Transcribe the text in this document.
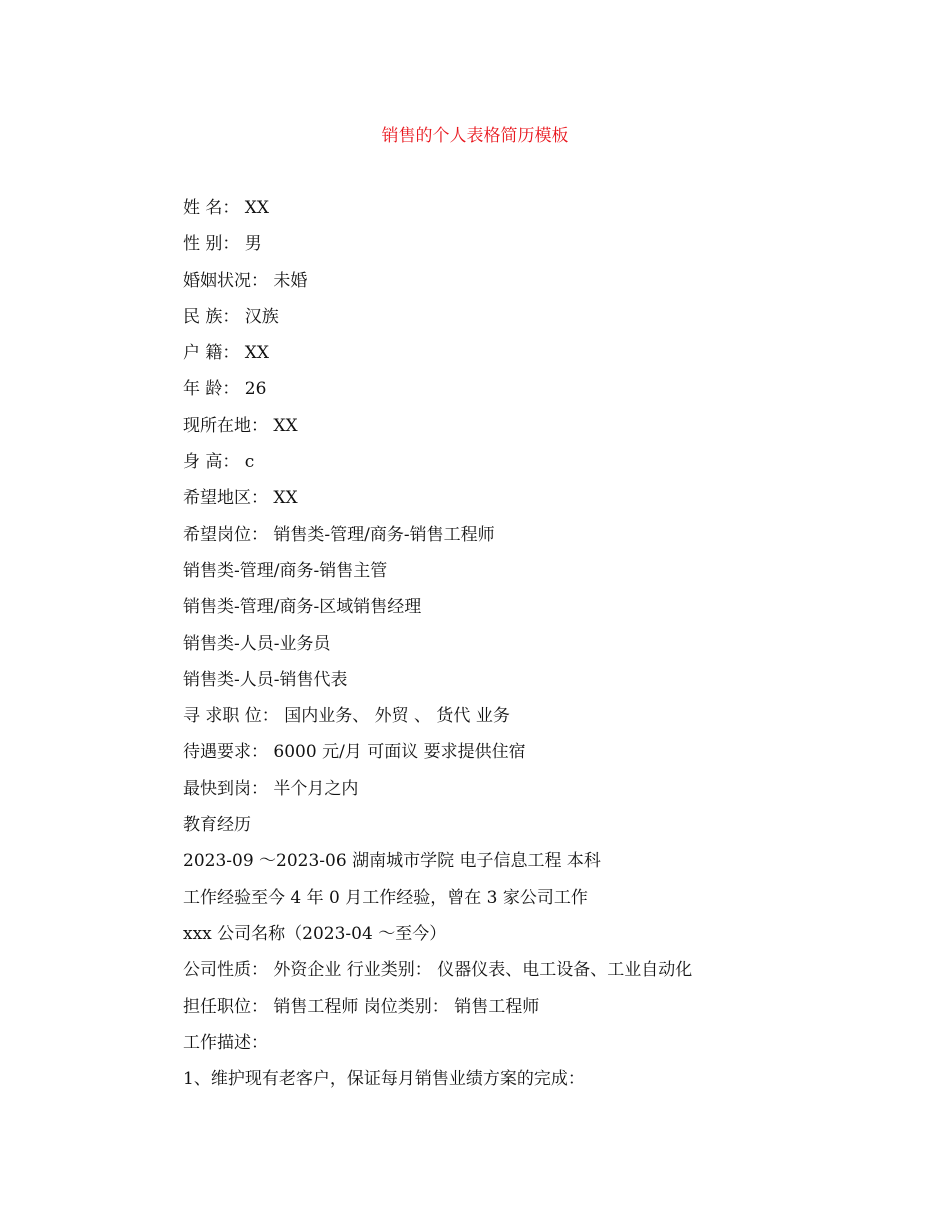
销售的个人表格简历模板
姓 名： XX
性 别： 男
婚姻状况： 未婚
民 族： 汉族
户 籍： XX
年 龄： 26
现所在地： XX
身 高： c
希望地区： XX
希望岗位： 销售类-管理/商务-销售工程师
销售类-管理/商务-销售主管
销售类-管理/商务-区域销售经理
销售类-人员-业务员
销售类-人员-销售代表
寻 求职 位： 国内业务、 外贸 、 货代 业务
待遇要求： 6000 元/月 可面议 要求提供住宿
最快到岗： 半个月之内
教育经历
2023-09 ～2023-06 湖南城市学院 电子信息工程 本科
工作经验至今 4 年 0 月工作经验，曾在 3 家公司工作
xxx 公司名称（2023-04 ～至今）
公司性质： 外资企业 行业类别： 仪器仪表、电工设备、工业自动化
担任职位： 销售工程师 岗位类别： 销售工程师
工作描述：
1、维护现有老客户，保证每月销售业绩方案的完成：
